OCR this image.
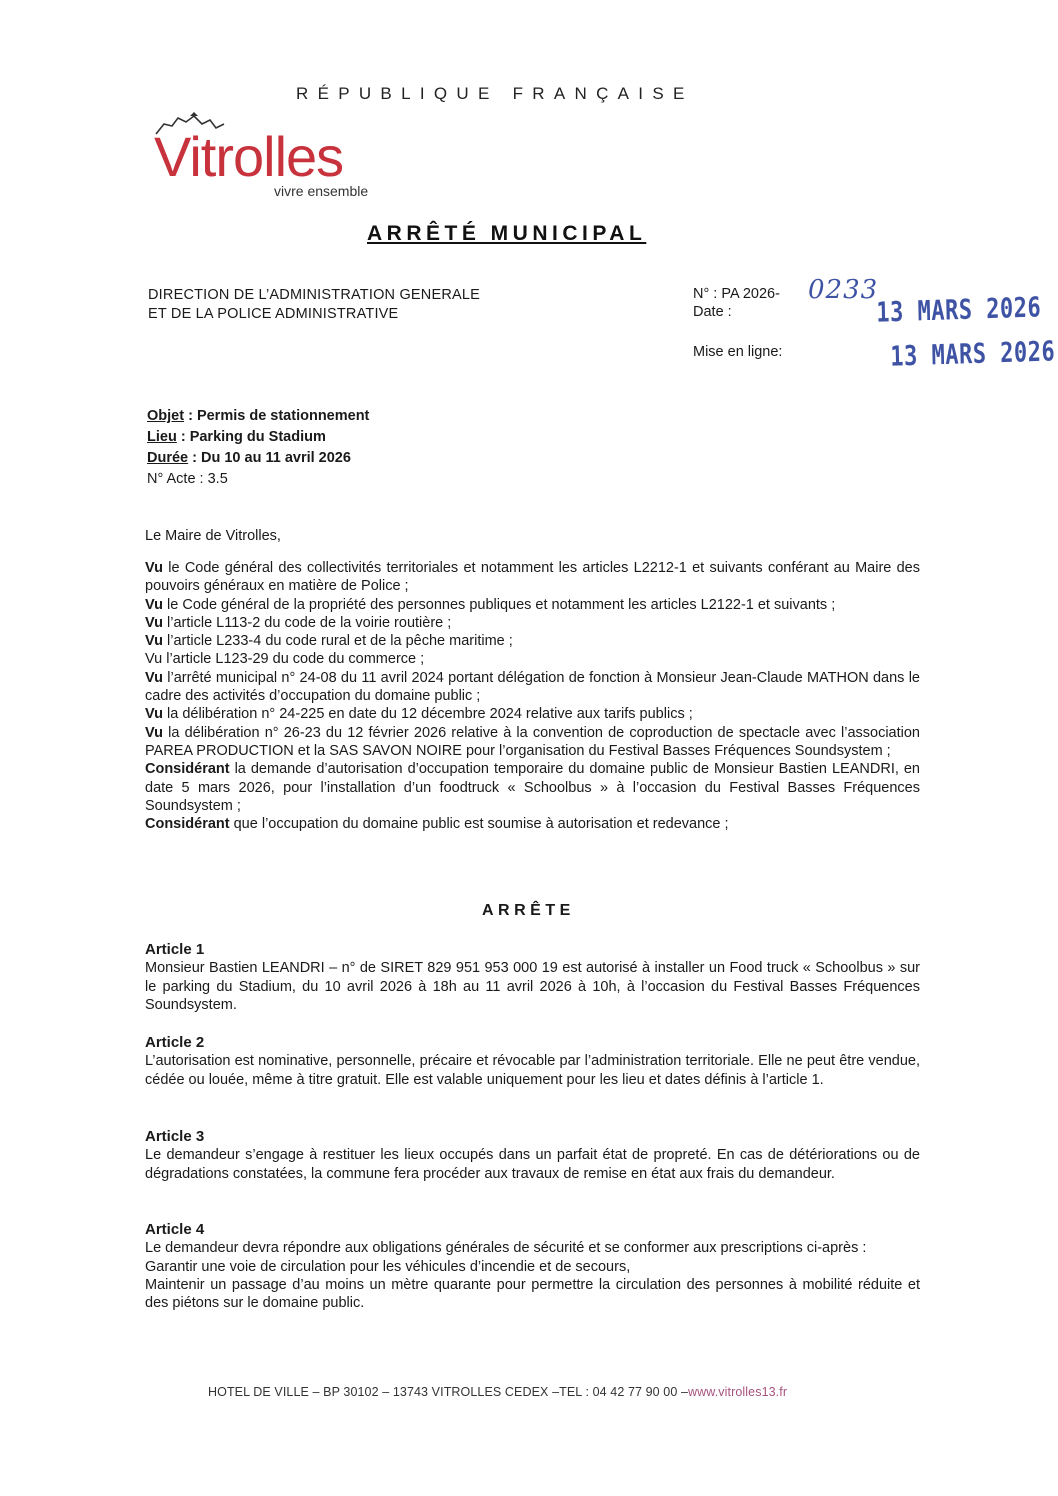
RÉPUBLIQUE FRANÇAISE
Vitrolles
vivre ensemble
ARRÊTÉ MUNICIPAL
DIRECTION DE L’ADMINISTRATION GENERALE
ET DE LA POLICE ADMINISTRATIVE
N° : PA 2026- 0233
Date :	13 MARS 2026
Mise en ligne:	13 MARS 2026
Objet : Permis de stationnement
Lieu : Parking du Stadium
Durée : Du 10 au 11 avril 2026
N° Acte : 3.5
Le Maire de Vitrolles,
Vu le Code général des collectivités territoriales et notamment les articles L2212-1 et suivants conférant au Maire des pouvoirs généraux en matière de Police ;
Vu le Code général de la propriété des personnes publiques et notamment les articles L2122-1 et suivants ;
Vu l’article L113-2 du code de la voirie routière ;
Vu l’article L233-4 du code rural et de la pêche maritime ;
Vu l’article L123-29 du code du commerce ;
Vu l’arrêté municipal n° 24-08 du 11 avril 2024 portant délégation de fonction à Monsieur Jean-Claude MATHON dans le cadre des activités d’occupation du domaine public ;
Vu la délibération n° 24-225 en date du 12 décembre 2024 relative aux tarifs publics ;
Vu la délibération n° 26-23 du 12 février 2026 relative à la convention de coproduction de spectacle avec l’association PAREA PRODUCTION et la SAS SAVON NOIRE pour l’organisation du Festival Basses Fréquences Soundsystem ;
Considérant la demande d’autorisation d’occupation temporaire du domaine public de Monsieur Bastien LEANDRI, en date 5 mars 2026, pour l’installation d’un foodtruck « Schoolbus » à l’occasion du Festival Basses Fréquences Soundsystem ;
Considérant que l’occupation du domaine public est soumise à autorisation et redevance ;
ARRÊTE
Article 1
Monsieur Bastien LEANDRI – n° de SIRET 829 951 953 000 19 est autorisé à installer un Food truck « Schoolbus » sur le parking du Stadium, du 10 avril 2026 à 18h au 11 avril 2026 à 10h, à l’occasion du Festival Basses Fréquences Soundsystem.
Article 2
L’autorisation est nominative, personnelle, précaire et révocable par l’administration territoriale. Elle ne peut être vendue, cédée ou louée, même à titre gratuit. Elle est valable uniquement pour les lieu et dates définis à l’article 1.
Article 3
Le demandeur s’engage à restituer les lieux occupés dans un parfait état de propreté. En cas de détériorations ou de dégradations constatées, la commune fera procéder aux travaux de remise en état aux frais du demandeur.
Article 4
Le demandeur devra répondre aux obligations générales de sécurité et se conformer aux prescriptions ci-après :
Garantir une voie de circulation pour les véhicules d’incendie et de secours,
Maintenir un passage d’au moins un mètre quarante pour permettre la circulation des personnes à mobilité réduite et des piétons sur le domaine public.
HOTEL DE VILLE – BP 30102 – 13743 VITROLLES CEDEX –TEL : 04 42 77 90 00 –www.vitrolles13.fr
